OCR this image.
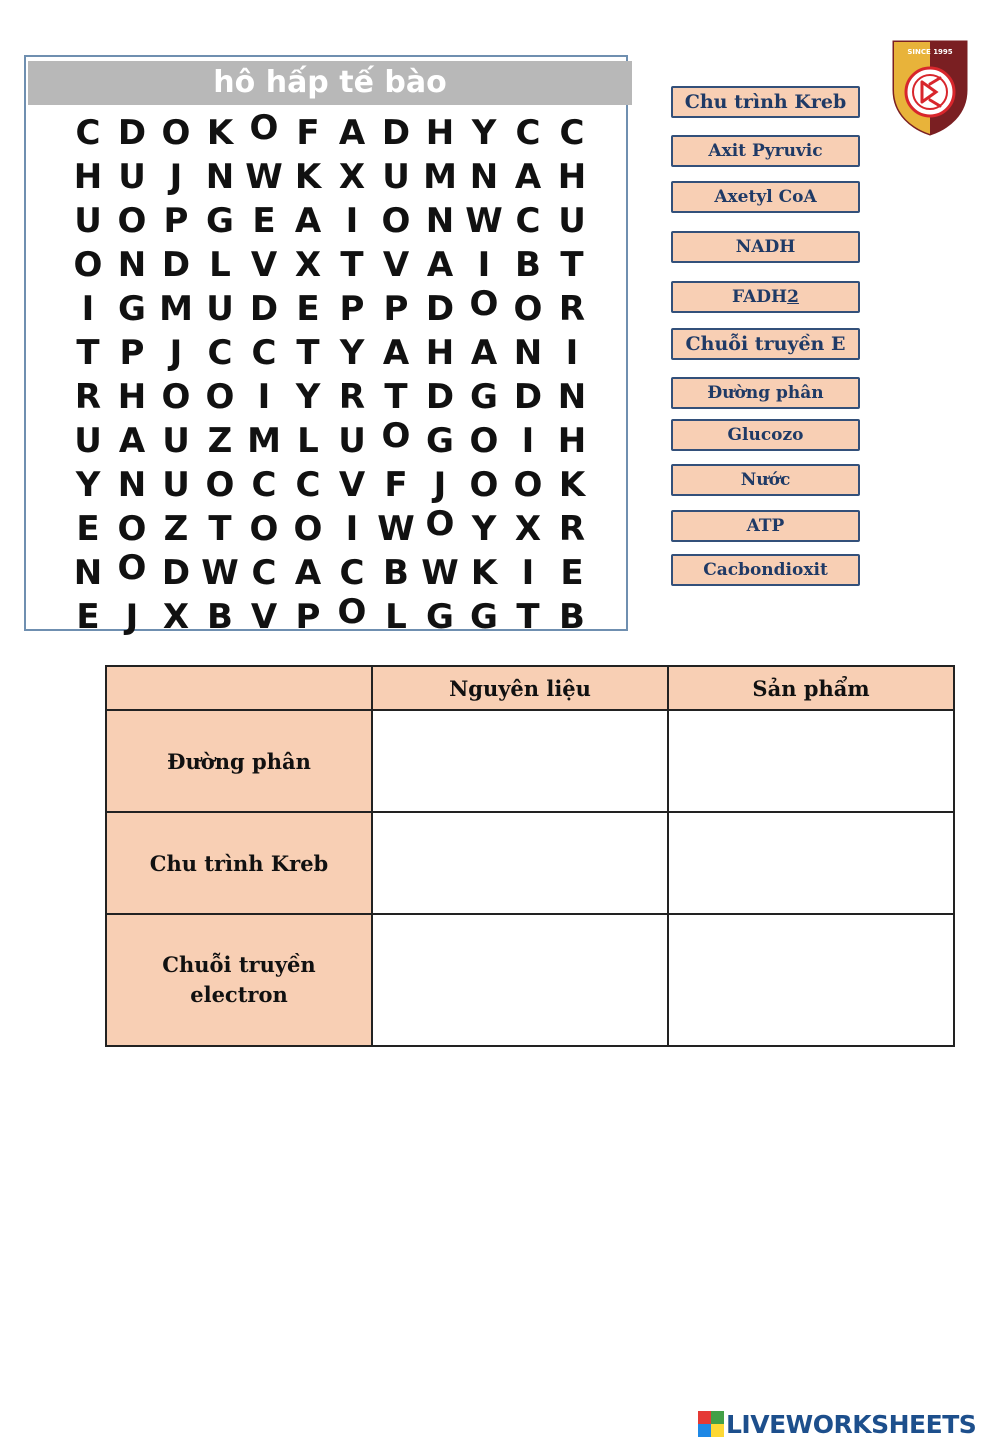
hô hấp tế bào
C D O K O F A D H Y C C
H U J N W K X U M N A H
U O P G E A I O N W C U
O N D L V X T V A I B T
I G M U D E P P D O O R
T P J C C T Y A H A N I
R H O O I Y R T D G D N
U A U Z M L U O G O I H
Y N U O C C V F J O O K
E O Z T O O I W O Y X R
N O D W C A C B W K I E
E J X B V P O L G G T B
Chu trình Kreb
Axit Pyruvic
Axetyl CoA
NADH
FADH 2
Chuỗi truyền E
Đường phân
Glucozo
Nước
ATP
Cacbondioxit
SINCE 1995
	Nguyên liệu	Sản phẩm
Đường phân		
Chu trình Kreb		
Chuỗi truyền electron		
LIVEWORKSHEETS
